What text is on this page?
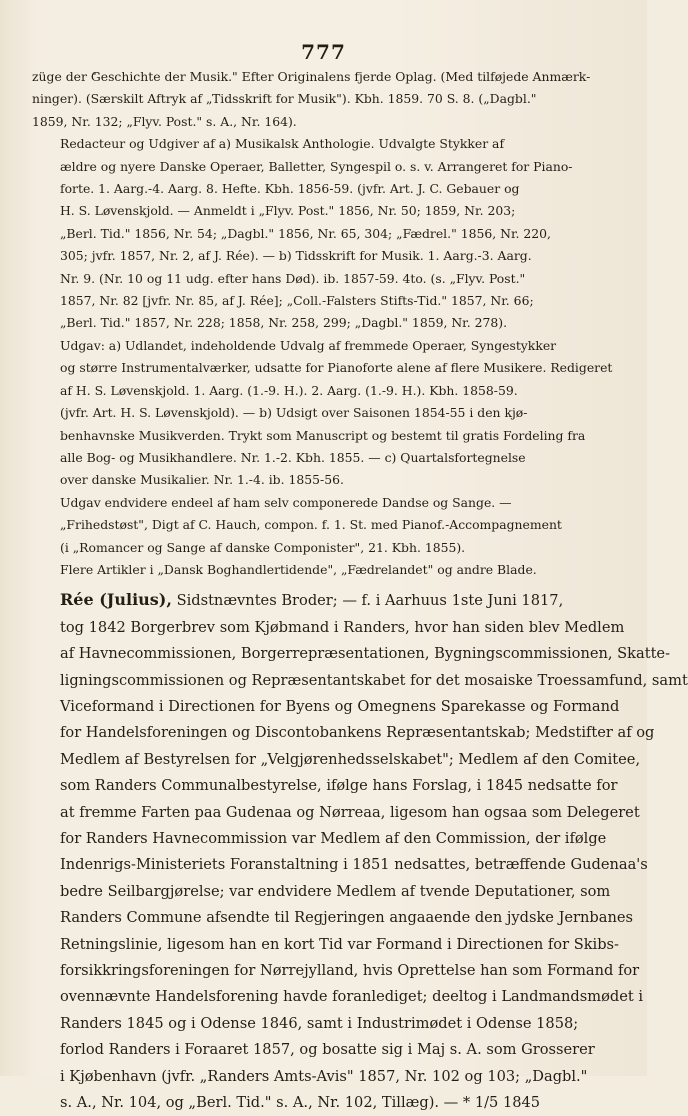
777

züge der Geschichte der Musik." Efter Originalens fjerde Oplag. (Med tilføjede Anmærk-
ninger). (Særskilt Aftryk af „Tidsskrift for Musik"). Kbh. 1859. 70 S. 8. („Dagbl."
1859, Nr. 132; „Flyv. Post." s. A., Nr. 164).

Redacteur og Udgiver af a) Musikalsk Anthologie. Udvalgte Stykker af
ældre og nyere Danske Operaer, Balletter, Syngespil o. s. v. Arrangeret for Piano-
forte. 1. Aarg.-4. Aarg. 8. Hefte. Kbh. 1856-59. (jvfr. Art. J. C. Gebauer og
H. S. Løvenskjold. — Anmeldt i „Flyv. Post." 1856, Nr. 50; 1859, Nr. 203;
„Berl. Tid." 1856, Nr. 54; „Dagbl." 1856, Nr. 65, 304; „Fædrel." 1856, Nr. 220,
305; jvfr. 1857, Nr. 2, af J. Rée). — b) Tidsskrift for Musik. 1. Aarg.-3. Aarg.
Nr. 9. (Nr. 10 og 11 udg. efter hans Død). ib. 1857-59. 4to. (s. „Flyv. Post."
1857, Nr. 82 [jvfr. Nr. 85, af J. Rée]; „Coll.-Falsters Stifts-Tid." 1857, Nr. 66;
„Berl. Tid." 1857, Nr. 228; 1858, Nr. 258, 299; „Dagbl." 1859, Nr. 278).

Udgav: a) Udlandet, indeholdende Udvalg af fremmede Operaer, Syngestykker
og større Instrumentalværker, udsatte for Pianoforte alene af flere Musikere. Redigeret
af H. S. Løvenskjold. 1. Aarg. (1.-9. H.). 2. Aarg. (1.-9. H.). Kbh. 1858-59.
(jvfr. Art. H. S. Løvenskjold). — b) Udsigt over Saisonen 1854-55 i den kjø-
benhavnske Musikverden. Trykt som Manuscript og bestemt til gratis Fordeling fra
alle Bog- og Musikhandlere. Nr. 1.-2. Kbh. 1855. — c) Quartalsfortegnelse
over danske Musikalier. Nr. 1.-4. ib. 1855-56.

Udgav endvidere endeel af ham selv componerede Dandse og Sange. —
„Frihedstøst", Digt af C. Hauch, compon. f. 1. St. med Pianof.-Accompagnement
(i „Romancer og Sange af danske Componister", 21. Kbh. 1855).

Flere Artikler i „Dansk Boghandlertidende", „Fædrelandet" og andre Blade.

Rée (Julius), Sidstnævntes Broder; — f. i Aarhuus 1ste Juni 1817,
tog 1842 Borgerbrev som Kjøbmand i Randers, hvor han siden blev Medlem
af Havnecommissionen, Borgerrepræsentationen, Bygningscommissionen, Skatte-
ligningscommissionen og Repræsentantskabet for det mosaiske Troessamfund, samt
Viceformand i Directionen for Byens og Omegnens Sparekasse og Formand
for Handelsforeningen og Discontobankens Repræsentantskab; Medstifter af og
Medlem af Bestyrelsen for „Velgjørenhedsselskabet"; Medlem af den Comitee,
som Randers Communalbestyrelse, ifølge hans Forslag, i 1845 nedsatte for
at fremme Farten paa Gudenaa og Nørreaa, ligesom han ogsaa som Delegeret
for Randers Havnecommission var Medlem af den Commission, der ifølge
Indenrigs-Ministeriets Foranstaltning i 1851 nedsattes, betræffende Gudenaa's
bedre Seilbargjørelse; var endvidere Medlem af tvende Deputationer, som
Randers Commune afsendte til Regjeringen angaaende den jydske Jernbanes
Retningslinie, ligesom han en kort Tid var Formand i Directionen for Skibs-
forsikkringsforeningen for Nørrejylland, hvis Oprettelse han som Formand for
ovennævnte Handelsforening havde foranlediget; deeltog i Landmandsmødet i
Randers 1845 og i Odense 1846, samt i Industrimødet i Odense 1858;
forlod Randers i Foraaret 1857, og bosatte sig i Maj s. A. som Grosserer
i Kjøbenhavn (jvfr. „Randers Amts-Avis" 1857, Nr. 102 og 103; „Dagbl."
s. A., Nr. 104, og „Berl. Tid." s. A., Nr. 102, Tillæg). — * 1/5 1845
